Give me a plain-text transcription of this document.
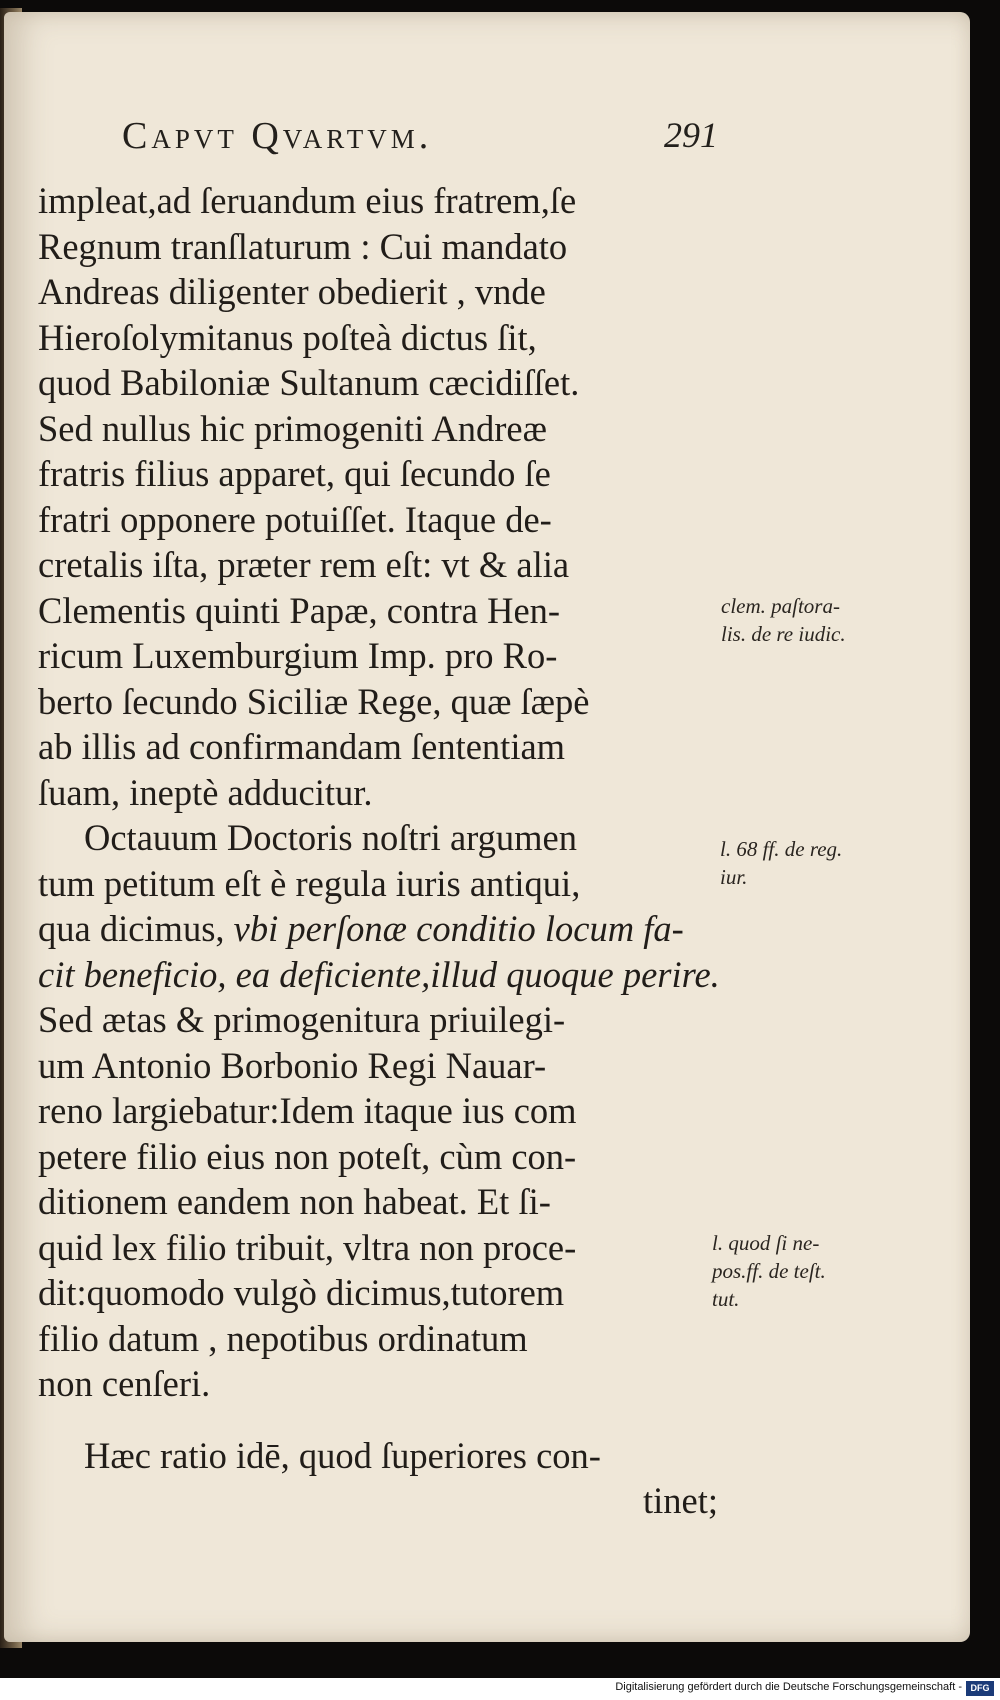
Capvt Qvartvm.	291
impleat,ad ſeruandum eius fratrem,ſe
Regnum tranſlaturum : Cui mandato
Andreas diligenter obedierit , vnde
Hieroſolymitanus poſteà dictus ſit,
quod Babiloniæ Sultanum cæcidiſſet.
Sed nullus hic primogeniti Andreæ
fratris filius apparet, qui ſecundo ſe
fratri opponere potuiſſet. Itaque de-
cretalis iſta, præter rem eſt: vt & alia
Clementis quinti Papæ, contra Hen-
ricum Luxemburgium Imp. pro Ro-
berto ſecundo Siciliæ Rege, quæ ſæpè
ab illis ad confirmandam ſententiam
ſuam, ineptè adducitur.
Octauum Doctoris noſtri argumen
tum petitum eſt è regula iuris antiqui,
qua dicimus, vbi perſonæ conditio locum fa-
cit beneficio, ea deficiente,illud quoque perire.
Sed ætas & primogenitura priuilegi-
um Antonio Borbonio Regi Nauar-
reno largiebatur:Idem itaque ius com
petere filio eius non poteſt, cùm con-
ditionem eandem non habeat. Et ſi-
quid lex filio tribuit, vltra non proce-
dit:quomodo vulgò dicimus,tutorem
filio datum , nepotibus ordinatum
non cenſeri.
Hæc ratio idē, quod ſuperiores con-
tinet;
clem. paſtora-
lis. de re iudic.
l. 68 ff. de reg.
iur.
l. quod ſi ne-
pos.ff. de teſt.
tut.
Digitalisierung gefördert durch die Deutsche Forschungsgemeinschaft - DFG
